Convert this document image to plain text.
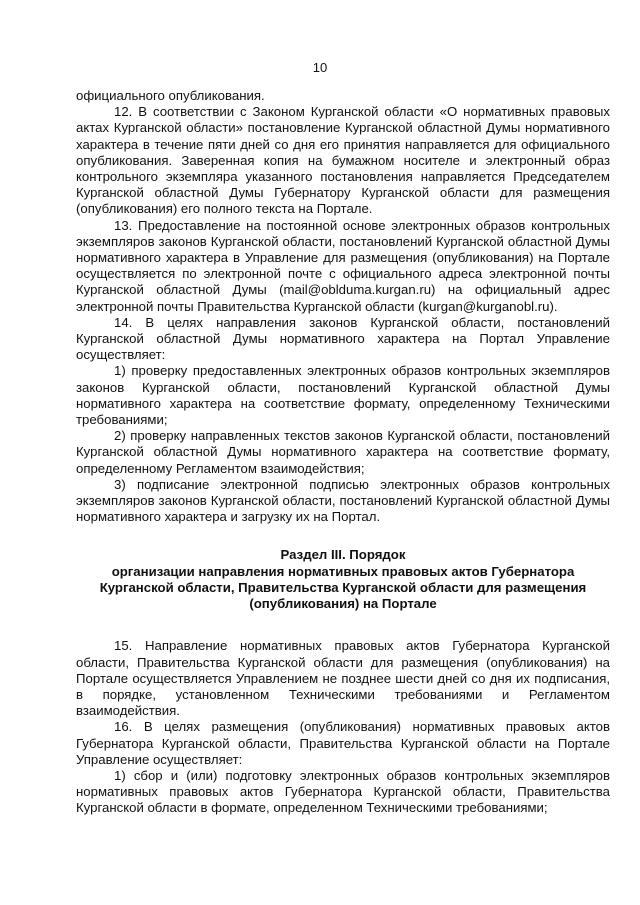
10

официального опубликования.

12. В соответствии с Законом Курганской области «О нормативных правовых актах Курганской области» постановление Курганской областной Думы нормативного характера в течение пяти дней со дня его принятия направляется для официального опубликования. Заверенная копия на бумажном носителе и электронный образ контрольного экземпляра указанного постановления направляется Председателем Курганской областной Думы Губернатору Курганской области для размещения (опубликования) его полного текста на Портале.

13. Предоставление на постоянной основе электронных образов контрольных экземпляров законов Курганской области, постановлений Курганской областной Думы нормативного характера в Управление для размещения (опубликования) на Портале осуществляется по электронной почте с официального адреса электронной почты Курганской областной Думы (mail@oblduma.kurgan.ru) на официальный адрес электронной почты Правительства Курганской области (kurgan@kurganobl.ru).

14. В целях направления законов Курганской области, постановлений Курганской областной Думы нормативного характера на Портал Управление осуществляет:

1) проверку предоставленных электронных образов контрольных экземпляров законов Курганской области, постановлений Курганской областной Думы нормативного характера на соответствие формату, определенному Техническими требованиями;

2) проверку направленных текстов законов Курганской области, постановлений Курганской областной Думы нормативного характера на соответствие формату, определенному Регламентом взаимодействия;

3) подписание электронной подписью электронных образов контрольных экземпляров законов Курганской области, постановлений Курганской областной Думы нормативного характера и загрузку их на Портал.

Раздел III. Порядок
организации направления нормативных правовых актов Губернатора Курганской области, Правительства Курганской области для размещения (опубликования) на Портале

15. Направление нормативных правовых актов Губернатора Курганской области, Правительства Курганской области для размещения (опубликования) на Портале осуществляется Управлением не позднее шести дней со дня их подписания, в порядке, установленном Техническими требованиями и Регламентом взаимодействия.

16. В целях размещения (опубликования) нормативных правовых актов Губернатора Курганской области, Правительства Курганской области на Портале Управление осуществляет:

1) сбор и (или) подготовку электронных образов контрольных экземпляров нормативных правовых актов Губернатора Курганской области, Правительства Курганской области в формате, определенном Техническими требованиями;
